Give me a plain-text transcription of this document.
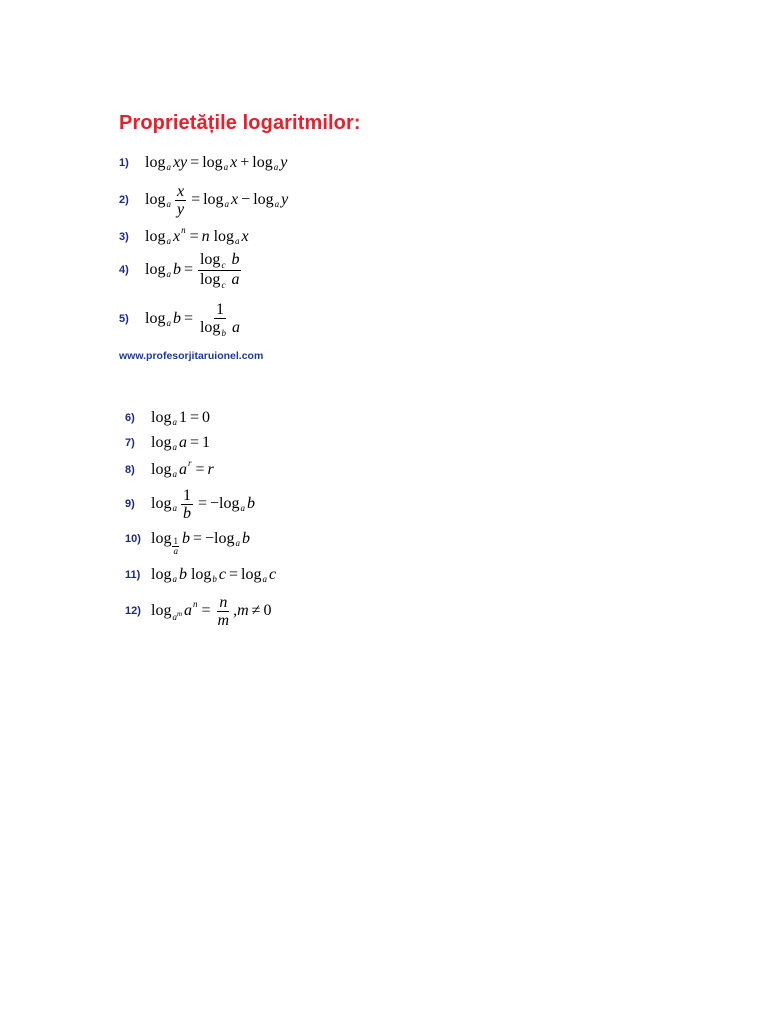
Proprietățile logaritmilor:
1)	log a xy = log a x + log a y
2)	log a $\frac{x}{y} = \log a$ x − log a y
3)	log a x n = n
log a x
4)	log a $b = \frac{\log_c b}{\log_c a}$
5)	log a $b = \frac{1}{\log_b a}$
www.profesorjitaruionel.com
6)	log a 1 = 0
7)	log a a = 1
8)	log a a r = r
9)	log a $\frac{1}{b}$ = − log a b
10) log 1
a
b = − log a b
11) log a b
log b c = log a c
12) $\log a^m$ a $n = \frac{n}{m}$ , m ≠ 0
